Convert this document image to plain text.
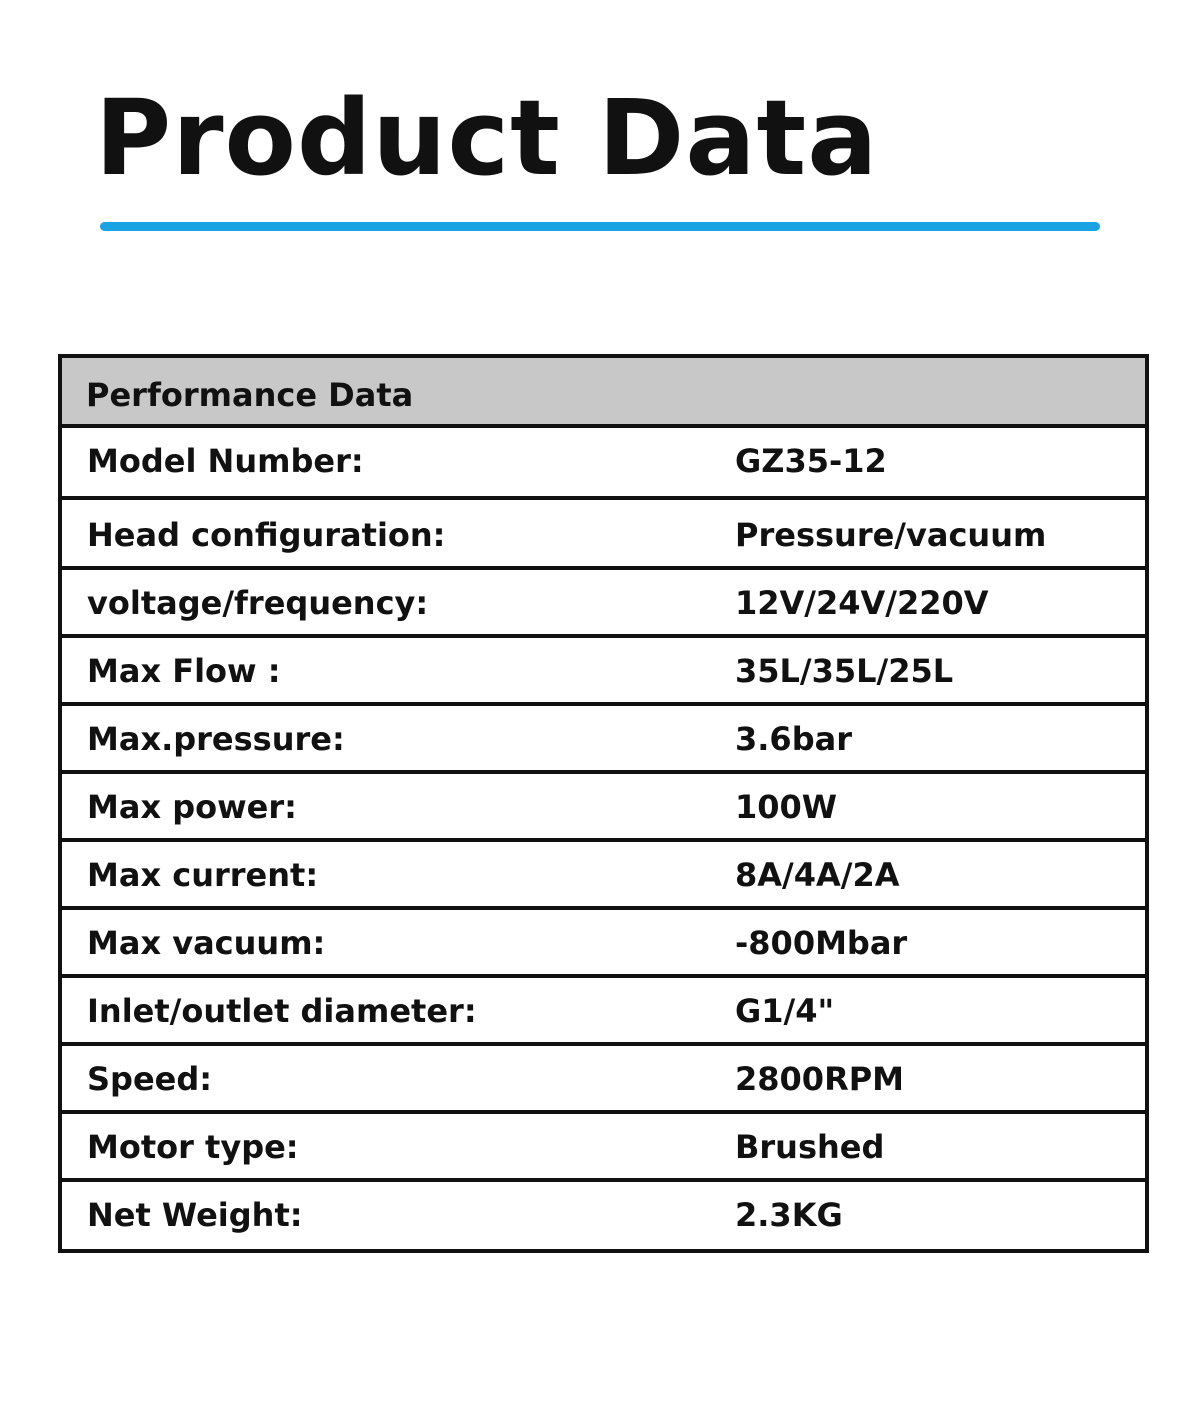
Product Data
Performance Data
Model Number:	GZ35-12
Head configuration:	Pressure/vacuum
voltage/frequency:	12V/24V/220V
Max Flow :	35L/35L/25L
Max.pressure:	3.6bar
Max power:	100W
Max current:	8A/4A/2A
Max vacuum:	-800Mbar
Inlet/outlet diameter:	G1/4"
Speed:	2800RPM
Motor type:	Brushed
Net Weight:	2.3KG
